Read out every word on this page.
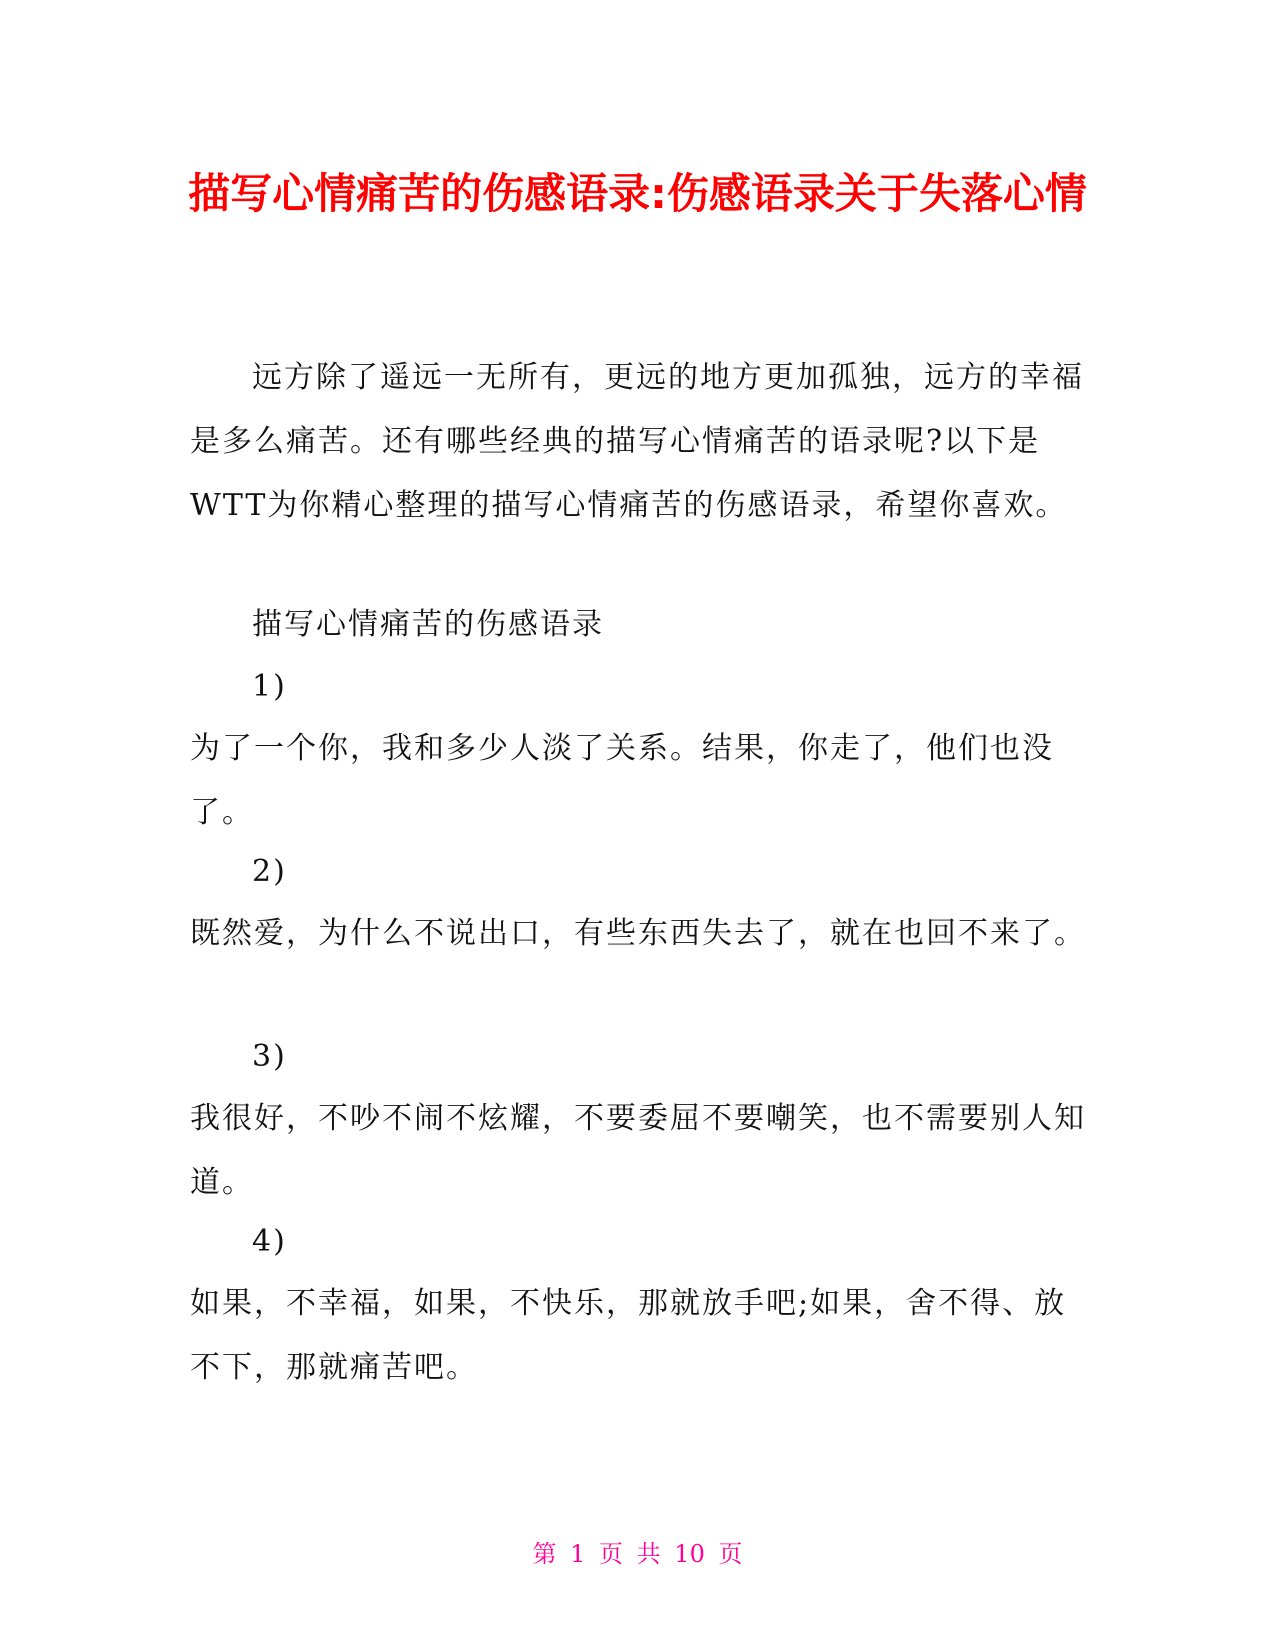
描写心情痛苦的伤感语录:伤感语录关于失落心情

远方除了遥远一无所有，更远的地方更加孤独，远方的幸福是多么痛苦。还有哪些经典的描写心情痛苦的语录呢?以下是WTT为你精心整理的描写心情痛苦的伤感语录，希望你喜欢。

描写心情痛苦的伤感语录

1)

为了一个你，我和多少人淡了关系。结果，你走了，他们也没了。

2)

既然爱，为什么不说出口，有些东西失去了，就在也回不来了。

3)

我很好，不吵不闹不炫耀，不要委屈不要嘲笑，也不需要别人知道。

4)

如果，不幸福，如果，不快乐，那就放手吧;如果，舍不得、放不下，那就痛苦吧。

第 1 页 共 10 页
